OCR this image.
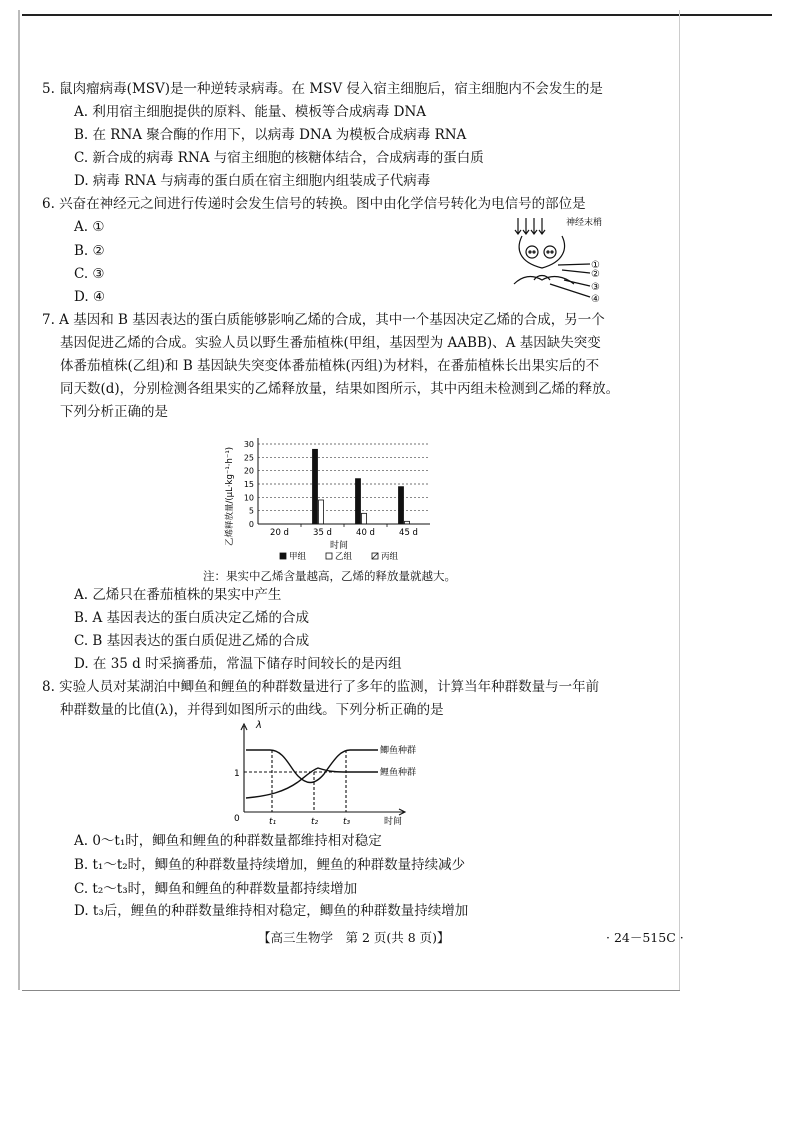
5. 鼠肉瘤病毒(MSV)是一种逆转录病毒。在 MSV 侵入宿主细胞后，宿主细胞内不会发生的是
A. 利用宿主细胞提供的原料、能量、模板等合成病毒 DNA
B. 在 RNA 聚合酶的作用下，以病毒 DNA 为模板合成病毒 RNA
C. 新合成的病毒 RNA 与宿主细胞的核糖体结合，合成病毒的蛋白质
D. 病毒 RNA 与病毒的蛋白质在宿主细胞内组装成子代病毒
6. 兴奋在神经元之间进行传递时会发生信号的转换。图中由化学信号转化为电信号的部位是
A. ①
B. ②
C. ③
D. ④
神经末梢
①
②
③
④
7. A 基因和 B 基因表达的蛋白质能够影响乙烯的合成，其中一个基因决定乙烯的合成，另一个
基因促进乙烯的合成。实验人员以野生番茄植株(甲组，基因型为 AABB)、A 基因缺失突变
体番茄植株(乙组)和 B 基因缺失突变体番茄植株(丙组)为材料，在番茄植株长出果实后的不
同天数(d)，分别检测各组果实的乙烯释放量，结果如图所示，其中丙组未检测到乙烯的释放。
下列分析正确的是
0
5
10
15
20
25
30
20 d	35 d	40 d	45 d
乙烯释放量/(μL·kg⁻¹·h⁻¹)	时间
甲组	乙组	丙组
注：果实中乙烯含量越高，乙烯的释放量就越大。
A. 乙烯只在番茄植株的果实中产生
B. A 基因表达的蛋白质决定乙烯的合成
C. B 基因表达的蛋白质促进乙烯的合成
D. 在 35 d 时采摘番茄，常温下储存时间较长的是丙组
8. 实验人员对某湖泊中鲫鱼和鲤鱼的种群数量进行了多年的监测，计算当年种群数量与一年前
种群数量的比值(λ)，并得到如图所示的曲线。下列分析正确的是
λ
1
0	t₁	t₂	t₃	时间
鲫鱼种群
鲤鱼种群
A. 0～t₁时，鲫鱼和鲤鱼的种群数量都维持相对稳定
B. t₁～t₂时，鲫鱼的种群数量持续增加，鲤鱼的种群数量持续减少
C. t₂～t₃时，鲫鱼和鲤鱼的种群数量都持续增加
D. t₃后，鲤鱼的种群数量维持相对稳定，鲫鱼的种群数量持续增加
【高三生物学　第 2 页(共 8 页)】	· 24－515C ·
